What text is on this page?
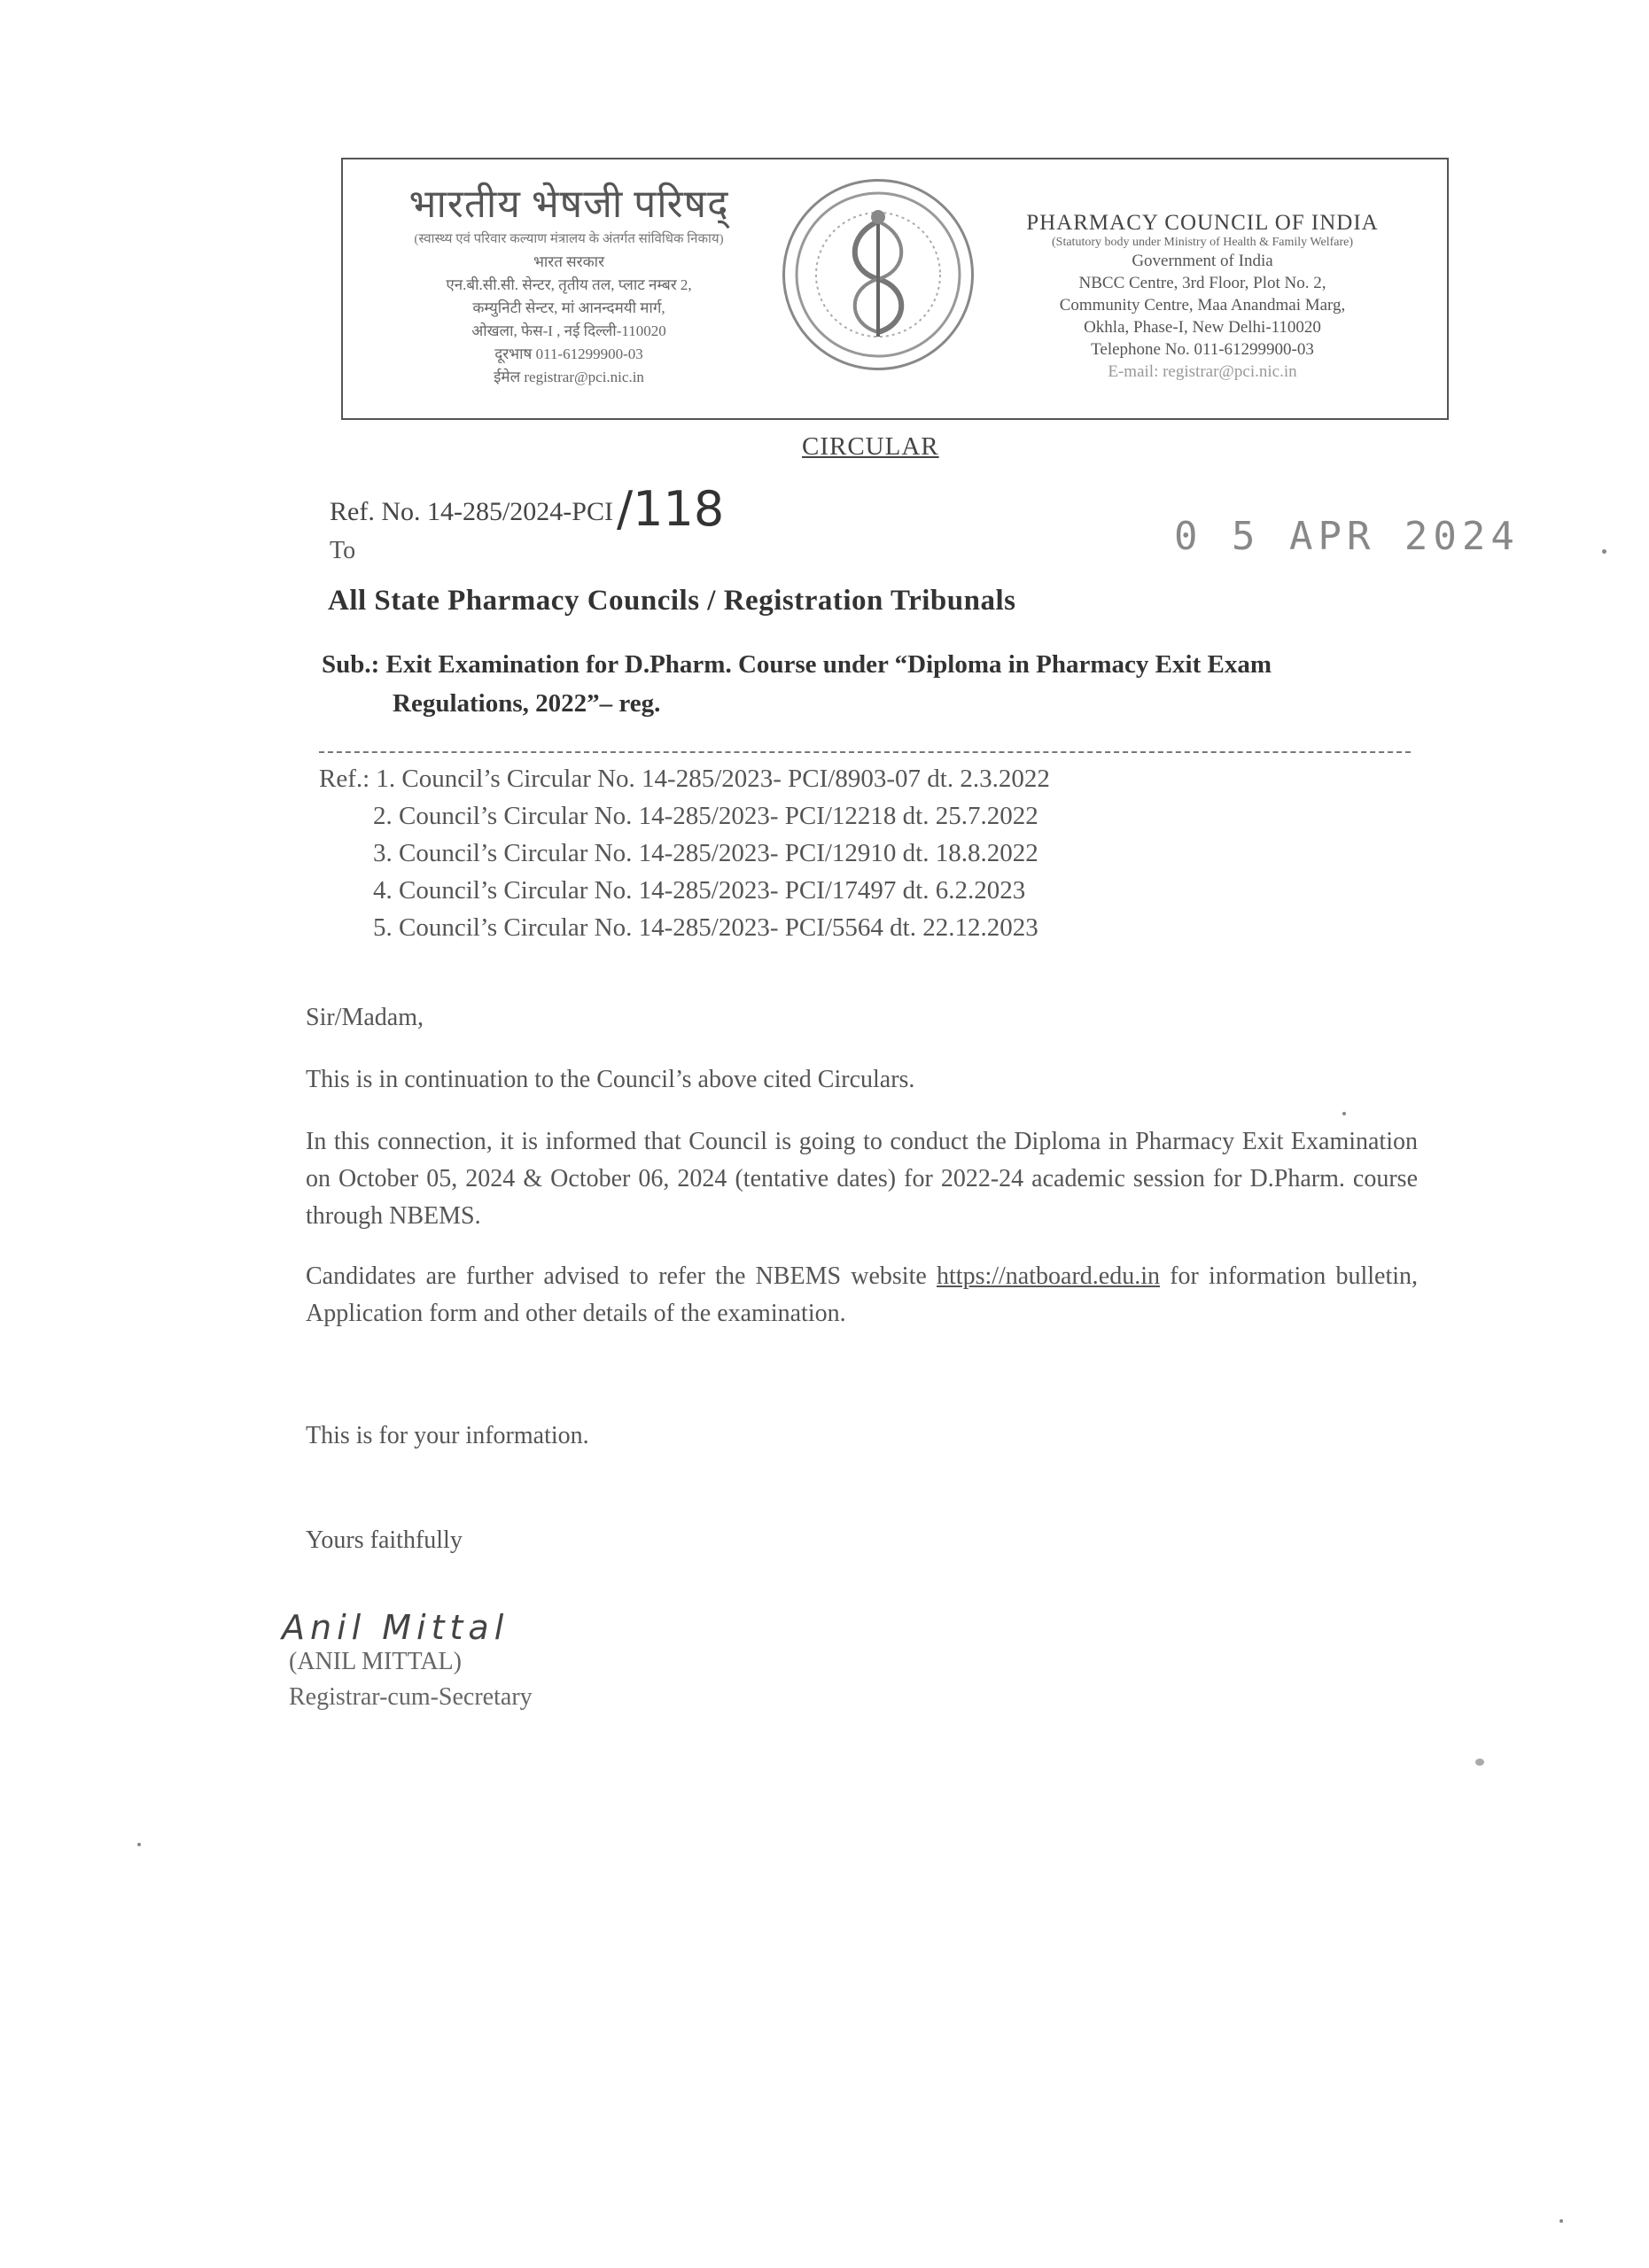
भारतीय भेषजी परिषद्
(स्वास्थ्य एवं परिवार कल्याण मंत्रालय के अंतर्गत सांविधिक निकाय)
भारत सरकार
एन.बी.सी.सी. सेन्टर, तृतीय तल, प्लाट नम्बर 2,
कम्युनिटी सेन्टर, मां आनन्दमयी मार्ग,
ओखला, फेस-I , नई दिल्ली-110020
दूरभाष 011-61299900-03
ईमेल registrar@pci.nic.in
PHARMACY COUNCIL OF INDIA
(Statutory body under Ministry of Health & Family Welfare)
Government of India
NBCC Centre, 3rd Floor, Plot No. 2,
Community Centre, Maa Anandmai Marg,
Okhla, Phase-I, New Delhi-110020
Telephone No. 011-61299900-03
E-mail: registrar@pci.nic.in
CIRCULAR
Ref. No. 14-285/2024-PCI/118	0 5 APR 2024
To
All State Pharmacy Councils / Registration Tribunals
Sub.: Exit Examination for D.Pharm. Course under “Diploma in Pharmacy Exit Exam
Regulations, 2022”– reg.
Ref.: 1. Council’s Circular No. 14-285/2023- PCI/8903-07 dt. 2.3.2022
2. Council’s Circular No. 14-285/2023- PCI/12218 dt. 25.7.2022
3. Council’s Circular No. 14-285/2023- PCI/12910 dt. 18.8.2022
4. Council’s Circular No. 14-285/2023- PCI/17497 dt. 6.2.2023
5. Council’s Circular No. 14-285/2023- PCI/5564 dt. 22.12.2023
Sir/Madam,
This is in continuation to the Council’s above cited Circulars.
In this connection, it is informed that Council is going to conduct the Diploma in Pharmacy Exit Examination on October 05, 2024 & October 06, 2024 (tentative dates) for 2022-24 academic session for D.Pharm. course through NBEMS.
Candidates are further advised to refer the NBEMS website https://natboard.edu.in for information bulletin, Application form and other details of the examination.
This is for your information.
Yours faithfully
Anil Mittal
(ANIL MITTAL)
Registrar-cum-Secretary
